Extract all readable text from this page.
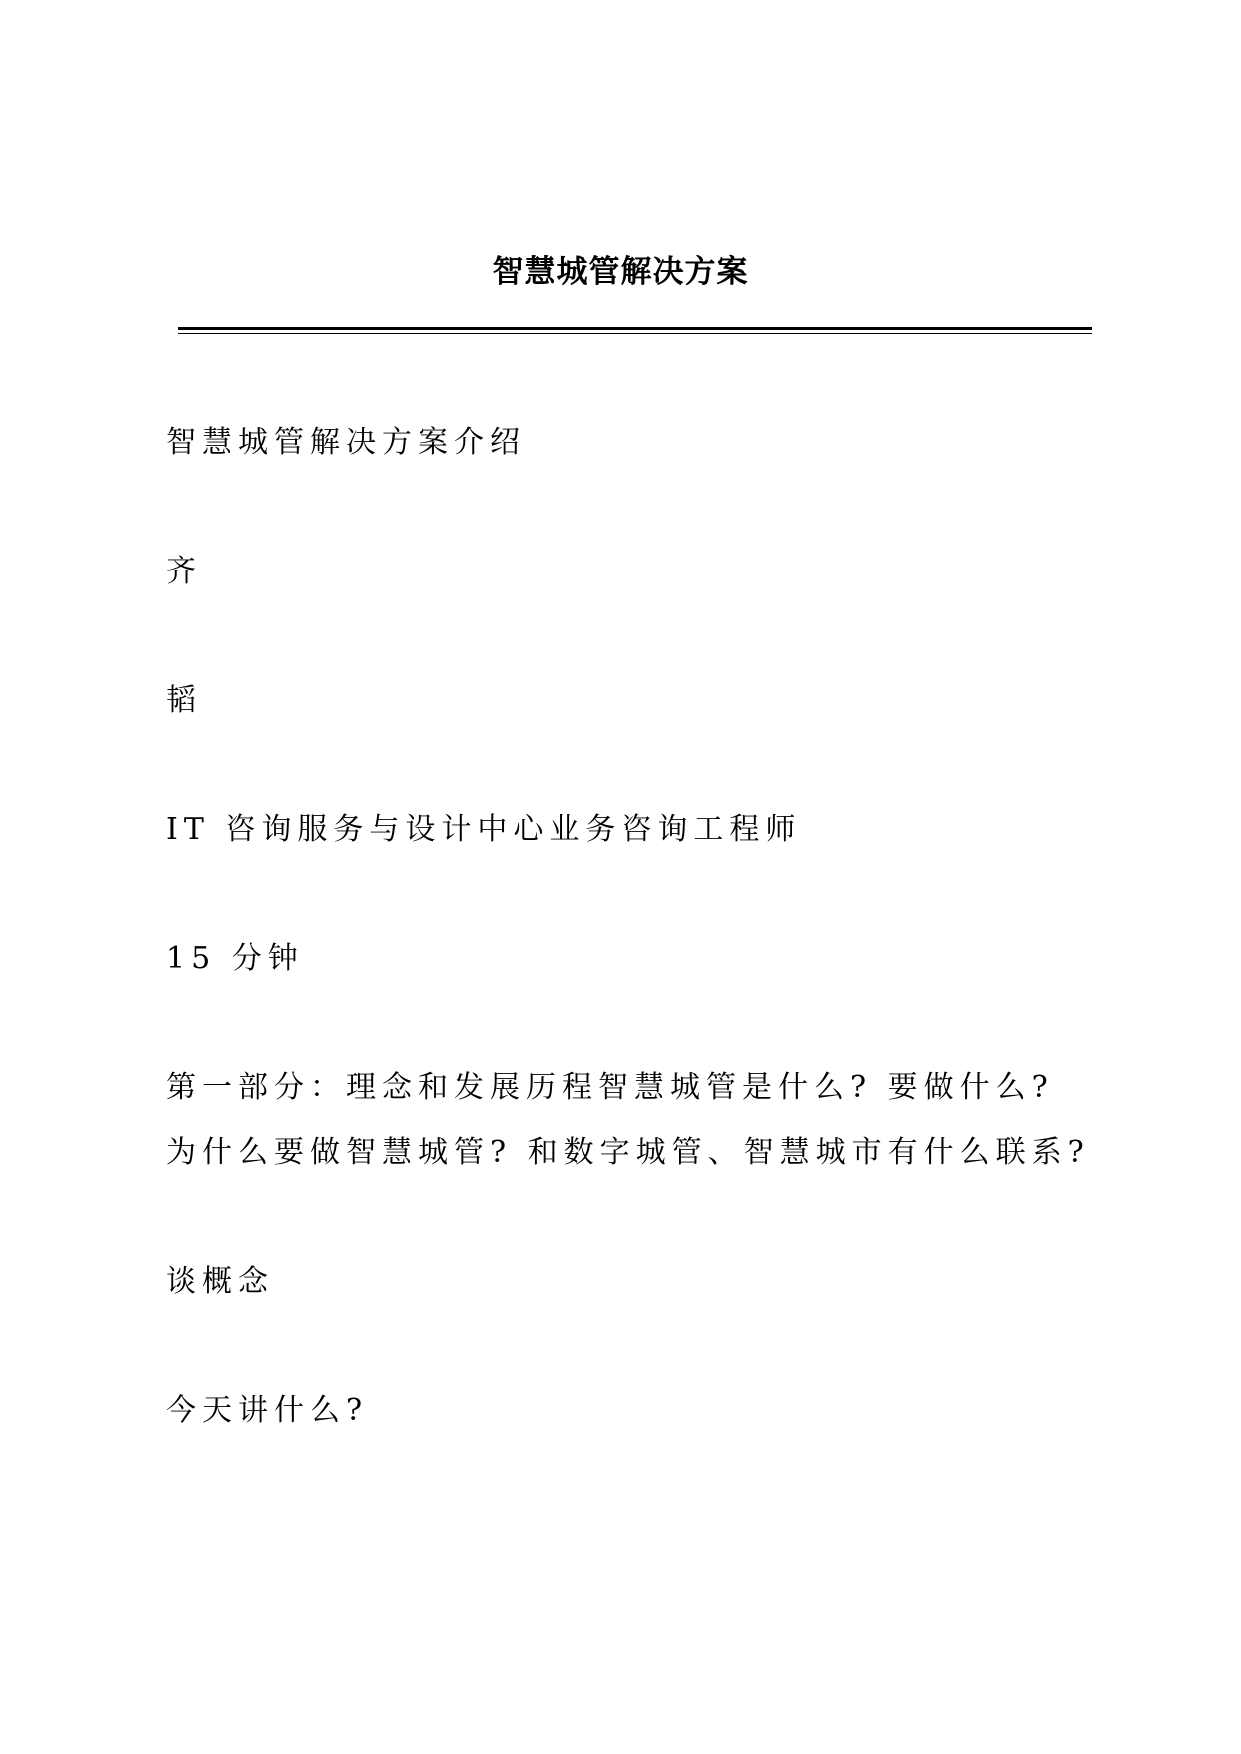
智慧城管解决方案
智慧城管解决方案介绍
齐
韬
IT 咨询服务与设计中心业务咨询工程师
15 分钟
第一部分：理念和发展历程智慧城管是什么? 要做什么? 为什么要做智慧城管? 和数字城管、智慧城市有什么联系?
谈概念
今天讲什么?
